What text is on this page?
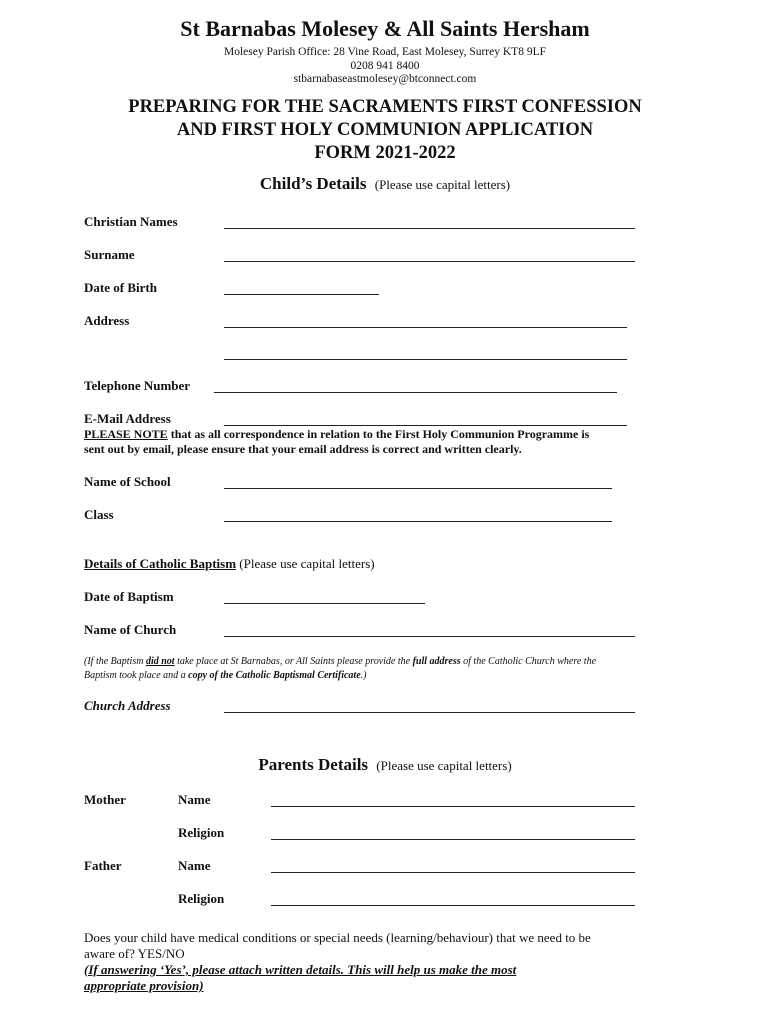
St Barnabas Molesey & All Saints Hersham
Molesey Parish Office: 28 Vine Road, East Molesey, Surrey KT8 9LF
0208 941 8400
stbarnabaseastmolesey@btconnect.com
PREPARING FOR THE SACRAMENTS FIRST CONFESSION
AND FIRST HOLY COMMUNION APPLICATION
FORM 2021-2022
Child’s Details (Please use capital letters)
Christian Names
Surname
Date of Birth
Address
Telephone Number
E-Mail Address
PLEASE NOTE that as all correspondence in relation to the First Holy Communion Programme is
sent out by email, please ensure that your email address is correct and written clearly.
Name of School
Class
Details of Catholic Baptism (Please use capital letters)
Date of Baptism
Name of Church
(If the Baptism did not take place at St Barnabas, or All Saints please provide the full address of the Catholic Church where the
Baptism took place and a copy of the Catholic Baptismal Certificate.)
Church Address
Parents Details (Please use capital letters)
Mother	Name
Religion
Father	Name
Religion
Does your child have medical conditions or special needs (learning/behaviour) that we need to be
aware of? YES/NO
(If answering ‘Yes’, please attach written details. This will help us make the most
appropriate provision)
